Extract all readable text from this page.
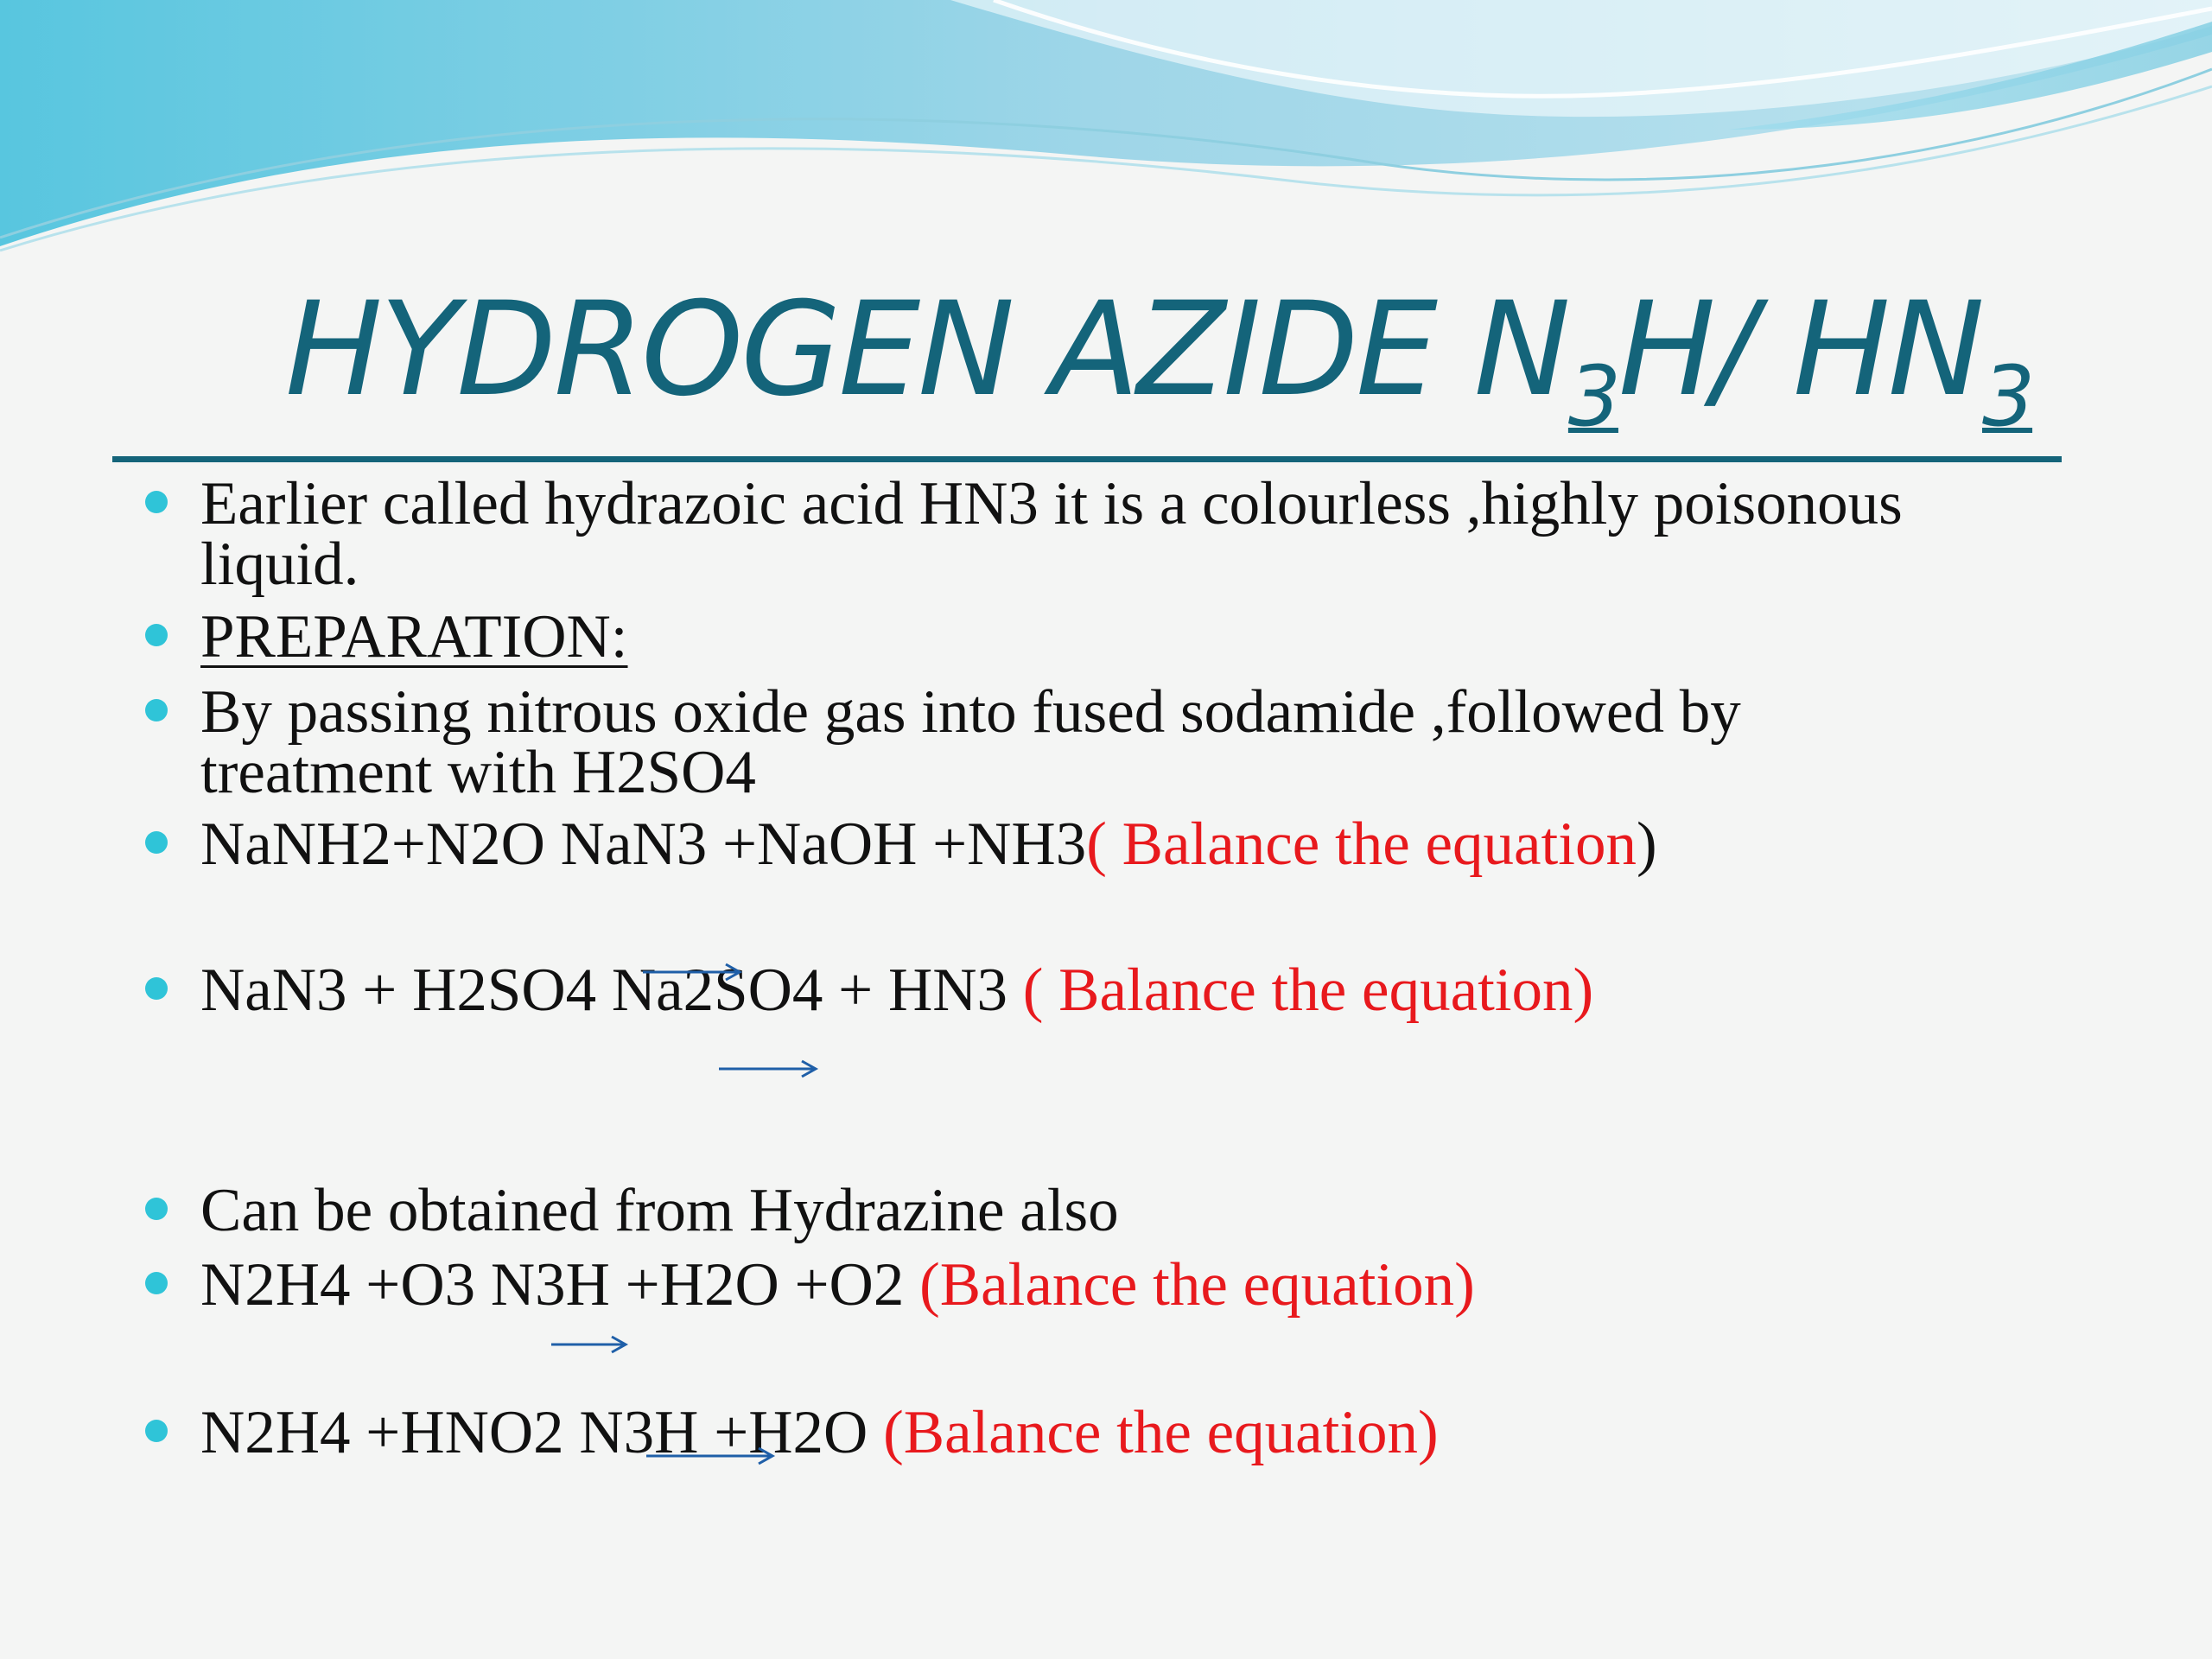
HYDROGEN AZIDE $N_3H/$ $HN_3$
Earlier called hydrazoic acid HN3 it is a colourless ,highly poisonous
liquid.
PREPARATION:
By passing nitrous oxide gas into fused sodamide ,followed by
treatment with H2SO4
NaNH2+N2O NaN3 +NaOH +NH3( Balance the equation)
NaN3 + H2SO4 Na2SO4 + HN3 ( Balance the equation)
Can be obtained from Hydrazine also
N2H4 +O3 N3H +H2O +O2 (Balance the equation)
N2H4 +HNO2 N3H +H2O (Balance the equation)
